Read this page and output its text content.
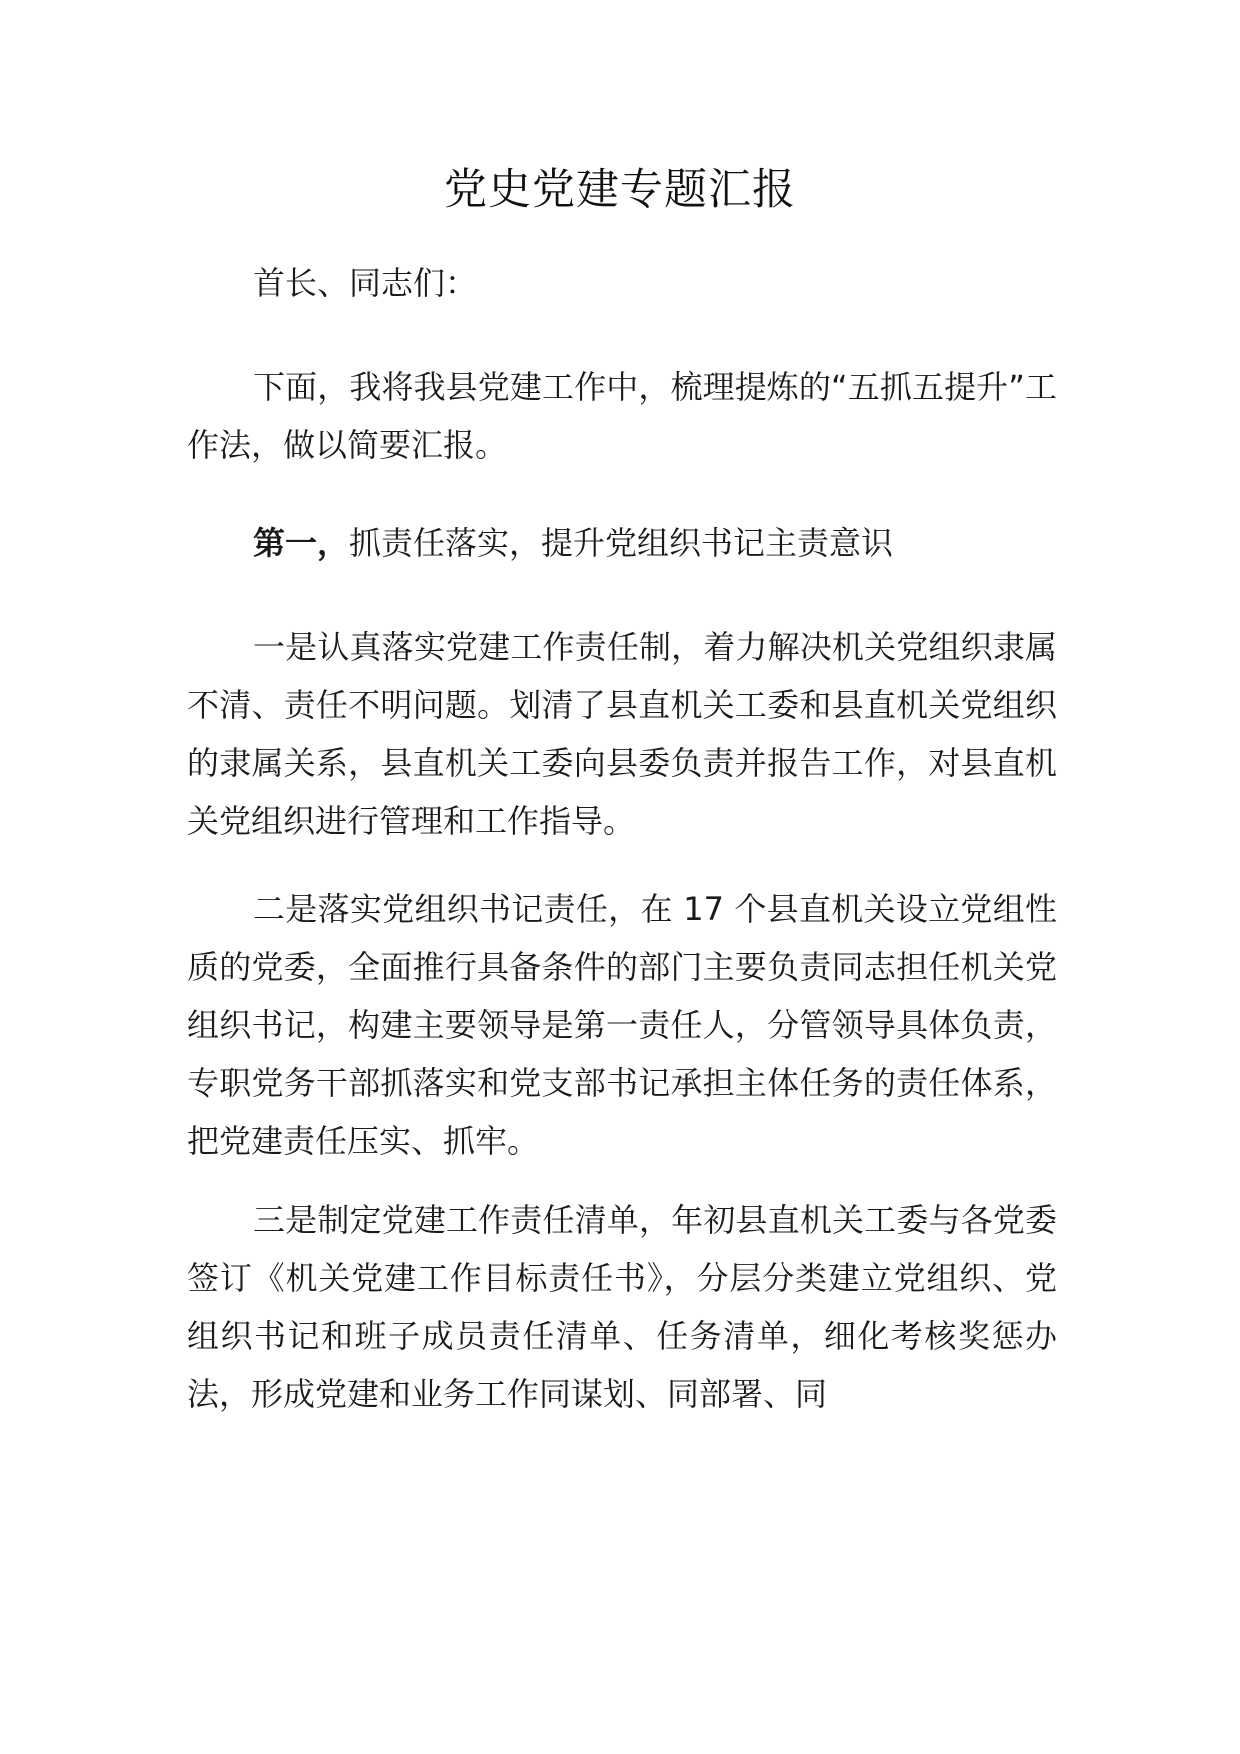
党史党建专题汇报

首长、同志们：

下面，我将我县党建工作中，梳理提炼的“五抓五提升”工作法，做以简要汇报。

第一，抓责任落实，提升党组织书记主责意识

一是认真落实党建工作责任制，着力解决机关党组织隶属不清、责任不明问题。划清了县直机关工委和县直机关党组织的隶属关系，县直机关工委向县委负责并报告工作，对县直机关党组织进行管理和工作指导。

二是落实党组织书记责任，在 17 个县直机关设立党组性质的党委，全面推行具备条件的部门主要负责同志担任机关党组织书记，构建主要领导是第一责任人，分管领导具体负责，专职党务干部抓落实和党支部书记承担主体任务的责任体系，把党建责任压实、抓牢。

三是制定党建工作责任清单，年初县直机关工委与各党委签订《机关党建工作目标责任书》，分层分类建立党组织、党组织书记和班子成员责任清单、任务清单，细化考核奖惩办法，形成党建和业务工作同谋划、同部署、同
